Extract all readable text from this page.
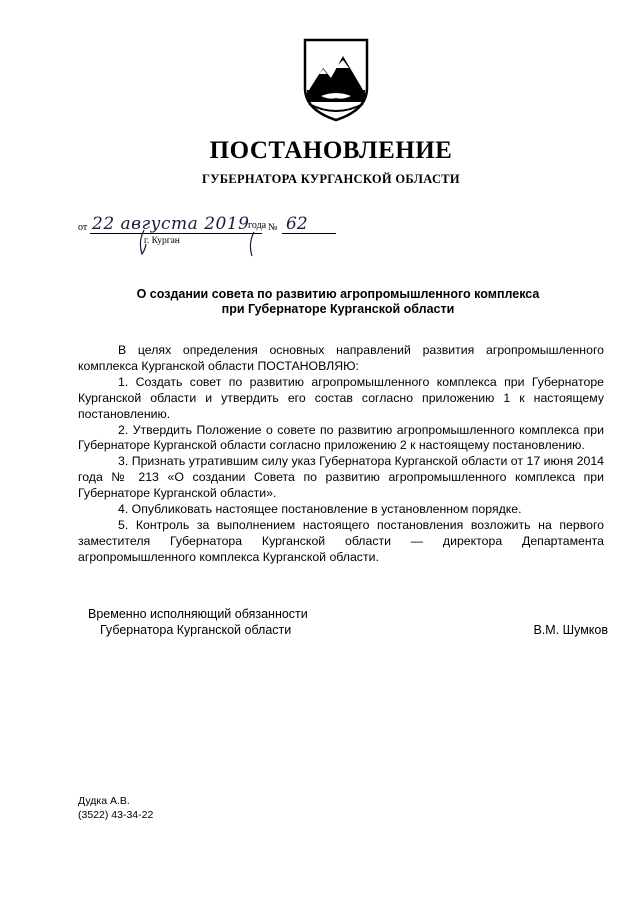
ПОСТАНОВЛЕНИЕ
ГУБЕРНАТОРА КУРГАНСКОЙ ОБЛАСТИ
от 22 августа 2019
года № 62
г. Курган
О создании совета по развитию агропромышленного комплекса
при Губернаторе Курганской области

В целях определения основных направлений развития агропромышленного комплекса Курганской области ПОСТАНОВЛЯЮ:

1. Создать совет по развитию агропромышленного комплекса при Губернаторе Курганской области и утвердить его состав согласно приложению 1 к настоящему постановлению.

2. Утвердить Положение о совете по развитию агропромышленного комплекса при Губернаторе Курганской области согласно приложению 2 к настоящему постановлению.

3. Признать утратившим силу указ Губернатора Курганской области от 17 июня 2014 года № 213 «О создании Совета по развитию агропромышленного комплекса при Губернаторе Курганской области».

4. Опубликовать настоящее постановление в установленном порядке.

5. Контроль за выполнением настоящего постановления возложить на первого заместителя Губернатора Курганской области — директора Департамента агропромышленного комплекса Курганской области.

Временно исполняющий обязанности
Губернатора Курганской области	В.М. Шумков
Дудка А.В.
(3522) 43-34-22
